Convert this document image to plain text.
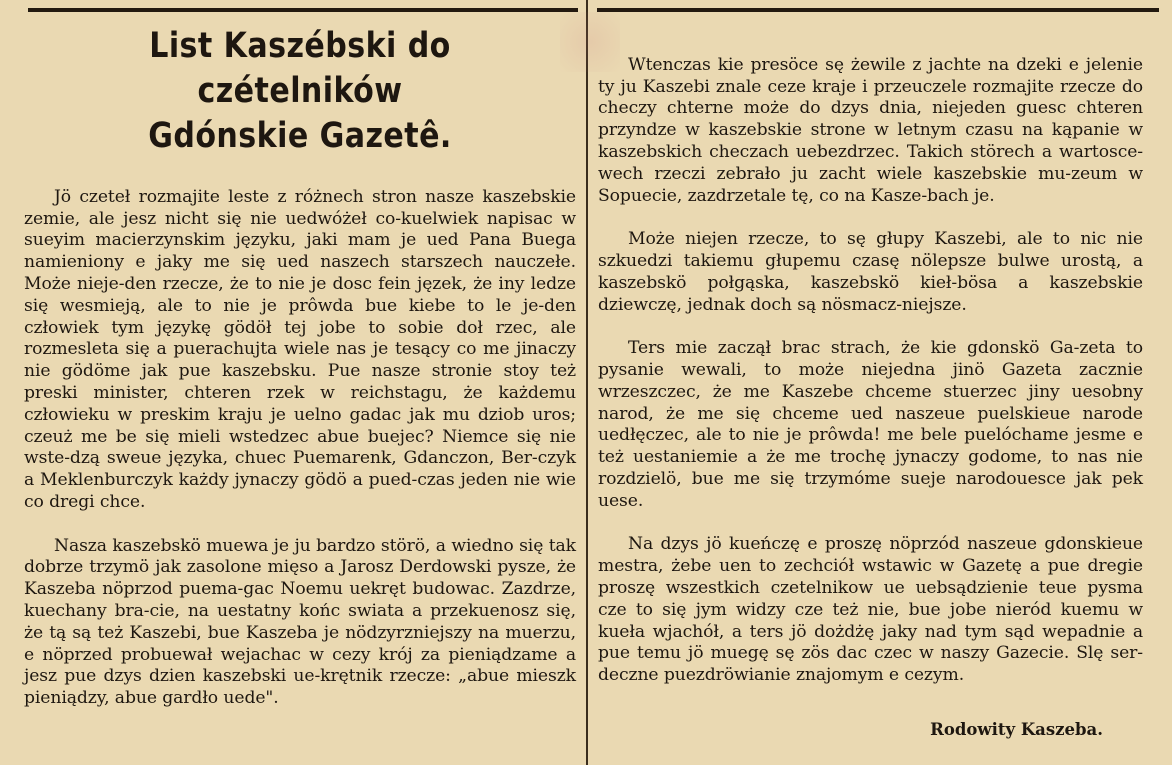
List Kaszébski do czételników
Gdónskie Gazetê.

Jö czeteł rozmajite leste z różnech stron nasze kaszebskie zemie, ale jesz nicht się nie uedwóżeł co-kuelwiek napisac w sueyim macierzynskim języku, jaki mam je ued Pana Buega namieniony e jaky me się ued naszech starszech nauczełe. Może nieje-den rzecze, że to nie je dosc fein jęzek, że iny ledze się wesmieją, ale to nie je prôwda bue kiebe to le je-den człowiek tym językę gödöł tej jobe to sobie doł rzec, ale rozmesleta się a puerachujta wiele nas je tesący co me jinaczy nie gödöme jak pue kaszebsku. Pue nasze stronie stoy też preski minister, chteren rzek w reichstagu, że każdemu człowieku w preskim kraju je uelno gadac jak mu dziob uros; czeuż me be się mieli wstedzec abue buejec? Niemce się nie wste-dzą sweue języka, chuec Puemarenk, Gdanczon, Ber-czyk a Meklenburczyk każdy jynaczy gödö a pued-czas jeden nie wie co dregi chce.

Nasza kaszebskö muewa je ju bardzo störö, a wiedno się tak dobrze trzymö jak zasolone mięso a Jarosz Derdowski pysze, że Kaszeba nöprzod puema-gac Noemu uekręt budowac. Zazdrze, kuechany bra-cie, na uestatny końc swiata a przekuenosz się, że tą są też Kaszebi, bue Kaszeba je nödzyrzniejszy na muerzu, e nöprzed probuewał wejachac w cezy krój za pieniądzame a jesz pue dzys dzien kaszebski ue-krętnik rzecze: „abue mieszk pieniądzy, abue gardło uede".

Wtenczas kie presöce sę żewile z jachte na dzeki e jelenie ty ju Kaszebi znale ceze kraje i przeuczele rozmajite rzecze do checzy chterne może do dzys dnia, niejeden guesc chteren przyndze w kaszebskie strone w letnym czasu na kąpanie w kaszebskich checzach uebezdrzec. Takich störech a wartosce-wech rzeczi zebrało ju zacht wiele kaszebskie mu-zeum w Sopuecie, zazdrzetale tę, co na Kasze-bach je.

Może niejen rzecze, to sę głupy Kaszebi, ale to nic nie szkuedzi takiemu głupemu czasę nölepsze bulwe urostą, a kaszebskö połgąska, kaszebskö kieł-bösa a kaszebskie dziewczę, jednak doch są nösmacz-niejsze.

Ters mie zaczął brac strach, że kie gdonskö Ga-zeta to pysanie wewali, to może niejedna jinö Gazeta zacznie wrzeszczec, że me Kaszebe chceme stuerzec jiny uesobny narod, że me się chceme ued naszeue puelskieue narode uedłęczec, ale to nie je prôwda! me bele puelóchame jesme e też uestaniemie a że me trochę jynaczy godome, to nas nie rozdzielö, bue me się trzymóme sueje narodouesce jak pek uese.

Na dzys jö kueńczę e proszę nöprzód naszeue gdonskieue mestra, żebe uen to zechciół wstawic w Gazetę a pue dregie proszę wszestkich czetelnikow ue uebsądzienie teue pysma cze to się jym widzy cze też nie, bue jobe nieród kuemu w kueła wjachół, a ters jö dożdżę jaky nad tym sąd wepadnie a pue temu jö muegę sę zös dac czec w naszy Gazecie. Slę ser-deczne puezdröwianie znajomym e cezym.

Rodowity Kaszeba.
